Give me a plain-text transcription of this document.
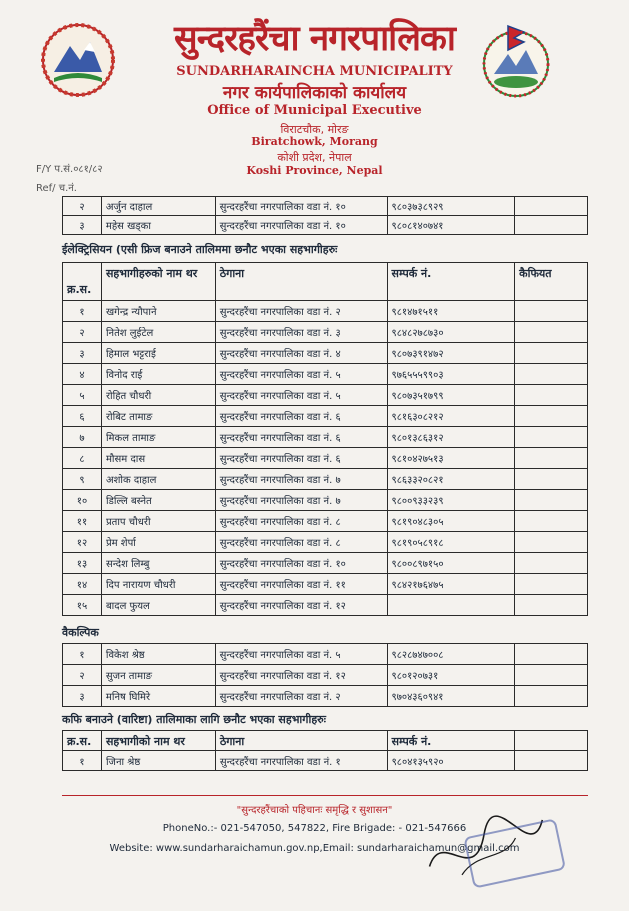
सुन्दरहरैंचा नगरपालिका
SUNDARHARAINCHA MUNICIPALITY
नगर कार्यपालिकाको कार्यालय
Office of Municipal Executive
विराटचौक, मोरङ
Biratchowk, Morang
कोशी प्रदेश, नेपाल
Koshi Province, Nepal
F/Y प.सं.०८१/८२
Ref/ च.नं.
२	अर्जुन दाहाल	सुन्दरहरैंचा नगरपालिका वडा नं. १०	९८०३७३८९२९	
३	महेस खड्का	सुन्दरहरैंचा नगरपालिका वडा नं. १०	९८०८१४०७४१	
ईलेक्ट्रिसियन (एसी फ्रिज बनाउने तालिममा छनौट भएका सहभागीहरुः
क्र.स.	सहभागीहरुको नाम थर	ठेगाना	सम्पर्क नं.	कैफियत
१	खगेन्द्र न्यौपाने	सुन्दरहरैंचा नगरपालिका वडा नं. २	९८१४७१५११	
२	नितेश लुईटेल	सुन्दरहरैंचा नगरपालिका वडा नं. ३	९८४८२७८७३०	
३	हिमाल भट्टराई	सुन्दरहरैंचा नगरपालिका वडा नं. ४	९८०७३९१४७२	
४	विनोद राई	सुन्दरहरैंचा नगरपालिका वडा नं. ५	९७६५५५९९०३	
५	रोहित चौधरी	सुन्दरहरैंचा नगरपालिका वडा नं. ५	९८०७३५१७९९	
६	रोबिट तामाङ	सुन्दरहरैंचा नगरपालिका वडा नं. ६	९८१६३०८२१२	
७	मिकल तामाङ	सुन्दरहरैंचा नगरपालिका वडा नं. ६	९८०१३८६३१२	
८	मौसम दास	सुन्दरहरैंचा नगरपालिका वडा नं. ६	९८१०४२७५१३	
९	अशोक दाहाल	सुन्दरहरैंचा नगरपालिका वडा नं. ७	९८६३३२०८२१	
१०	डिल्लि बस्नेत	सुन्दरहरैंचा नगरपालिका वडा नं. ७	९८००९३३२३९	
११	प्रताप चौधरी	सुन्दरहरैंचा नगरपालिका वडा नं. ८	९८१९०४८३०५	
१२	प्रेम शेर्पा	सुन्दरहरैंचा नगरपालिका वडा नं. ८	९८१९०५८९१८	
१३	सन्देश लिम्बु	सुन्दरहरैंचा नगरपालिका वडा नं. १०	९८००८९७१५०	
१४	दिप नारायण चौधरी	सुन्दरहरैंचा नगरपालिका वडा नं. ११	९८४२१७६४७५	
१५	बादल फुयल	सुन्दरहरैंचा नगरपालिका वडा नं. १२		
वैकल्पिक
१	विकेश श्रेष्ठ	सुन्दरहरैंचा नगरपालिका वडा नं. ५	९८२८७४७००८	
२	सुजन तामाङ	सुन्दरहरैंचा नगरपालिका वडा नं. १२	९८०१२०७३१	
३	मनिष घिमिरे	सुन्दरहरैंचा नगरपालिका वडा नं. २	९७०४३६०९४१	
कफि बनाउने (वारिष्टा) तालिमाका लागि छनौट भएका सहभागीहरुः
क्र.स.	सहभागीको नाम थर	ठेगाना	सम्पर्क नं.	
१	जिना श्रेष्ठ	सुन्दरहरैंचा नगरपालिका वडा नं. १	९८०४१३५९२०	
"सुन्दरहरैंचाको पहिचानः समृद्धि र सुशासन"
PhoneNo.:- 021-547050, 547822, Fire Brigade: - 021-547666
Website: www.sundarharaichamun.gov.np,Email: sundarharaichamun@gmail.com
